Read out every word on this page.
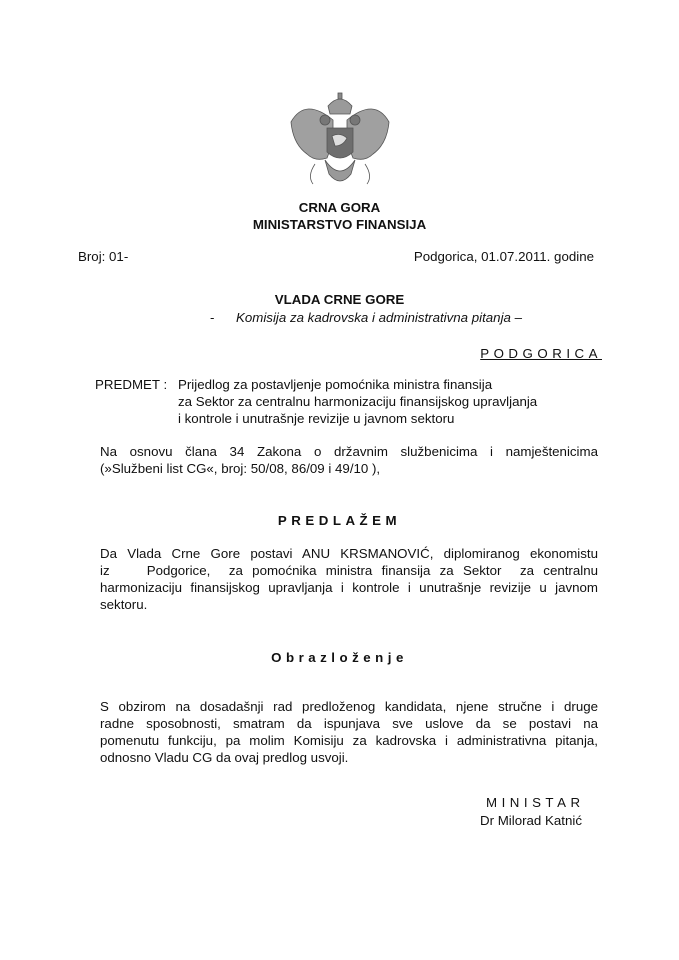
CRNA GORA
MINISTARSTVO FINANSIJA
Broj: 01-	Podgorica, 01.07.2011. godine
VLADA CRNE GORE
- Komisija za kadrovska i administrativna pitanja –
PODGORICA
PREDMET : Prijedlog za postavljenje pomoćnika ministra finansija
za Sektor za centralnu harmonizaciju finansijskog upravljanja
i kontrole i unutrašnje revizije u javnom sektoru
Na osnovu člana 34 Zakona o državnim službenicima i namještenicima
(»Službeni list CG«, broj: 50/08, 86/09 i 49/10 ),
PREDLAŽEM
Da Vlada Crne Gore postavi ANU KRSMANOVIĆ, diplomiranog ekonomistu
iz    Podgorice,  za pomoćnika ministra finansija za Sektor  za centralnu
harmonizaciju finansijskog upravljanja i kontrole i unutrašnje revizije u javnom
sektoru.
Obrazloženje
S obzirom na dosadašnji rad predloženog kandidata, njene stručne i druge
radne sposobnosti, smatram da ispunjava sve uslove da se postavi na
pomenutu funkciju, pa molim Komisiju za kadrovska i administrativna pitanja,
odnosno Vladu CG da ovaj predlog usvoji.
MINISTAR
Dr Milorad Katnić
